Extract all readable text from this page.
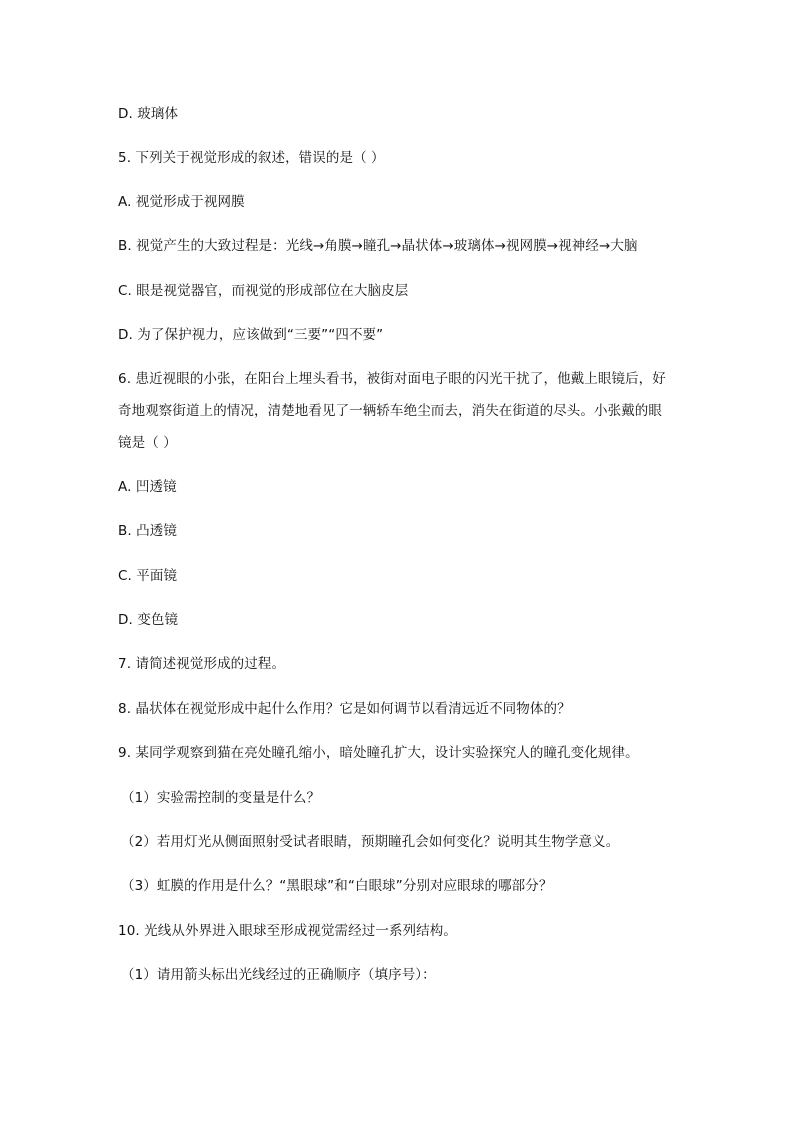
D. 玻璃体
5. 下列关于视觉形成的叙述，错误的是（ ）
A. 视觉形成于视网膜
B. 视觉产生的大致过程是：光线→角膜→瞳孔→晶状体→玻璃体→视网膜→视神经→大脑
C. 眼是视觉器官，而视觉的形成部位在大脑皮层
D. 为了保护视力，应该做到“三要”“四不要”
6. 患近视眼的小张，在阳台上埋头看书，被街对面电子眼的闪光干扰了，他戴上眼镜后，好
奇地观察街道上的情况，清楚地看见了一辆轿车绝尘而去，消失在街道的尽头。小张戴的眼
镜是（ ）
A. 凹透镜
B. 凸透镜
C. 平面镜
D. 变色镜
7. 请简述视觉形成的过程。
8. 晶状体在视觉形成中起什么作用？它是如何调节以看清远近不同物体的？
9. 某同学观察到猫在亮处瞳孔缩小，暗处瞳孔扩大，设计实验探究人的瞳孔变化规律。
（1）实验需控制的变量是什么？
（2）若用灯光从侧面照射受试者眼睛，预期瞳孔会如何变化？说明其生物学意义。
（3）虹膜的作用是什么？“黑眼球”和“白眼球”分别对应眼球的哪部分？
10. 光线从外界进入眼球至形成视觉需经过一系列结构。
（1）请用箭头标出光线经过的正确顺序（填序号）：
